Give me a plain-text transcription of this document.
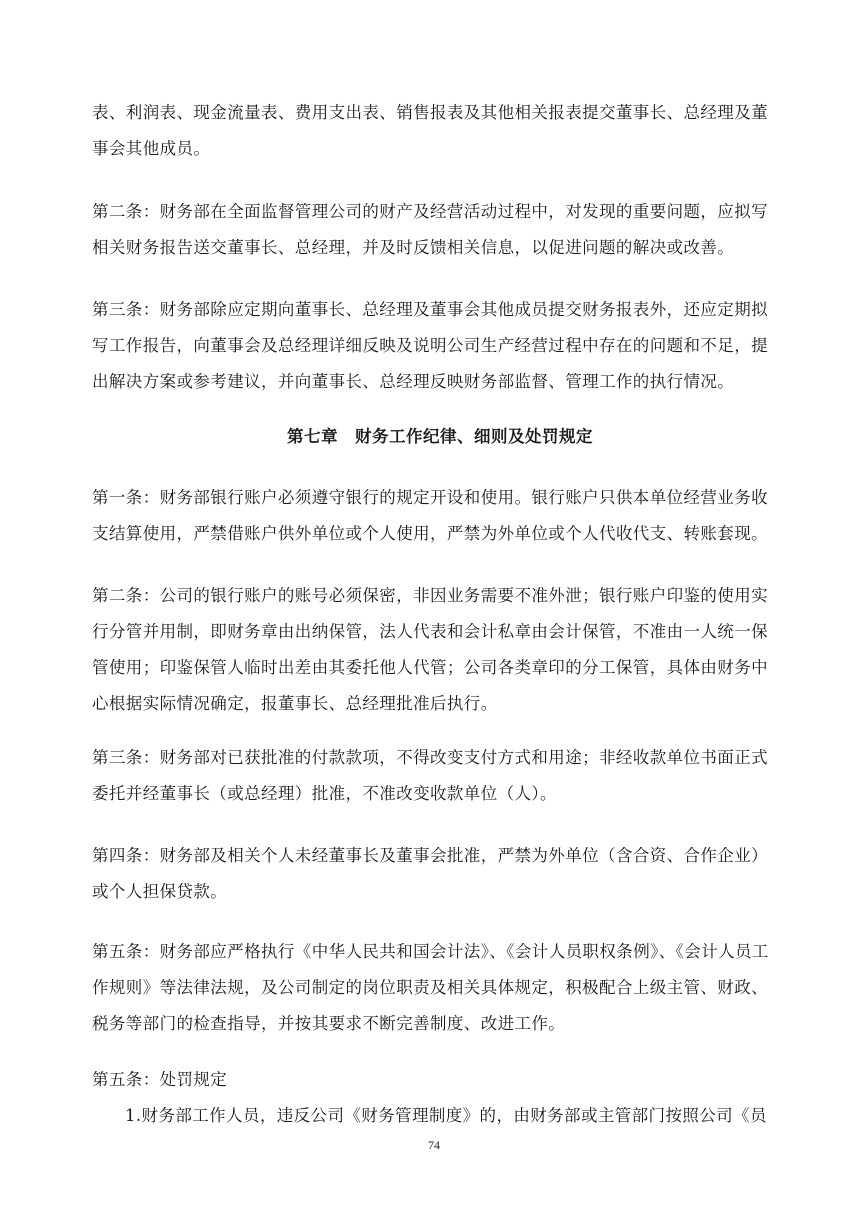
表、利润表、现金流量表、费用支出表、销售报表及其他相关报表提交董事长、总经理及董
事会其他成员。

第二条：财务部在全面监督管理公司的财产及经营活动过程中，对发现的重要问题，应拟写
相关财务报告送交董事长、总经理，并及时反馈相关信息，以促进问题的解决或改善。

第三条：财务部除应定期向董事长、总经理及董事会其他成员提交财务报表外，还应定期拟
写工作报告，向董事会及总经理详细反映及说明公司生产经营过程中存在的问题和不足，提
出解决方案或参考建议，并向董事长、总经理反映财务部监督、管理工作的执行情况。

第七章　财务工作纪律、细则及处罚规定

第一条：财务部银行账户必须遵守银行的规定开设和使用。银行账户只供本单位经营业务收
支结算使用，严禁借账户供外单位或个人使用，严禁为外单位或个人代收代支、转账套现。

第二条：公司的银行账户的账号必须保密，非因业务需要不准外泄；银行账户印鉴的使用实
行分管并用制，即财务章由出纳保管，法人代表和会计私章由会计保管，不准由一人统一保
管使用；印鉴保管人临时出差由其委托他人代管；公司各类章印的分工保管，具体由财务中
心根据实际情况确定，报董事长、总经理批准后执行。

第三条：财务部对已获批准的付款款项，不得改变支付方式和用途；非经收款单位书面正式
委托并经董事长（或总经理）批准，不准改变收款单位（人）。

第四条：财务部及相关个人未经董事长及董事会批准，严禁为外单位（含合资、合作企业）
或个人担保贷款。

第五条：财务部应严格执行《中华人民共和国会计法》、《会计人员职权条例》、《会计人员工
作规则》等法律法规，及公司制定的岗位职责及相关具体规定，积极配合上级主管、财政、
税务等部门的检查指导，并按其要求不断完善制度、改进工作。

第五条：处罚规定
1.财务部工作人员，违反公司《财务管理制度》的，由财务部或主管部门按照公司《员

74
